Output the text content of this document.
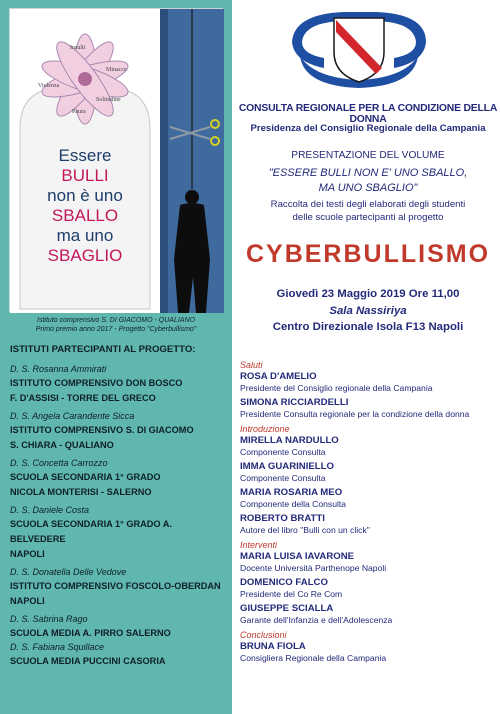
Insulti
Minacce
Violenza
Paura
Solitudine
Essere
BULLI
non è uno
SBALLO
ma uno
SBAGLIO
Istituto comprensivo S. DI GIACOMO - QUALIANO
Primo premio anno 2017 - Progetto "Cyberbullismo"
ISTITUTI PARTECIPANTI AL PROGETTO:
D. S. Rosanna Ammirati
ISTITUTO COMPRENSIVO DON BOSCO
F. D'ASSISI - TORRE DEL GRECO
D. S. Angela Carandente Sicca
ISTITUTO COMPRENSIVO S. DI GIACOMO
S. CHIARA - QUALIANO
D. S. Concetta Carrozzo
SCUOLA SECONDARIA 1° GRADO
NICOLA MONTERISI - SALERNO
D. S. Daniele Costa
SCUOLA SECONDARIA 1° GRADO A. BELVEDERE
NAPOLI
D. S. Donatella Delle Vedove
ISTITUTO COMPRENSIVO FOSCOLO-OBERDAN
NAPOLI
D. S. Sabrina Rago
SCUOLA MEDIA A. PIRRO SALERNO
D. S. Fabiana Squillace
SCUOLA MEDIA PUCCINI CASORIA
CONSULTA REGIONALE PER LA CONDIZIONE DELLA DONNA
Presidenza del Consiglio Regionale della Campania
PRESENTAZIONE DEL VOLUME
"ESSERE BULLI NON E' UNO SBALLO,
MA UNO SBAGLIO"
Raccolta dei testi degli elaborati degli studenti
delle scuole partecipanti al progetto
CYBERBULLISMO
Giovedì 23 Maggio 2019 Ore 11,00
Sala Nassiriya
Centro Direzionale Isola F13 Napoli
Saluti
ROSA D'AMELIO
Presidente del Consiglio regionale della Campania
SIMONA RICCIARDELLI
Presidente Consulta regionale per la condizione della donna
Introduzione
MIRELLA NARDULLO
Componente Consulta
IMMA GUARINIELLO
Componente Consulta
MARIA ROSARIA MEO
Componente della Consulta
ROBERTO BRATTI
Autore del libro "Bulli con un click"
Interventi
MARIA LUISA IAVARONE
Docente Università Parthenope Napoli
DOMENICO FALCO
Presidente del Co Re Com
GIUSEPPE SCIALLA
Garante dell'Infanzia e dell'Adolescenza
Conclusioni
BRUNA FIOLA
Consigliera Regionale della Campania
